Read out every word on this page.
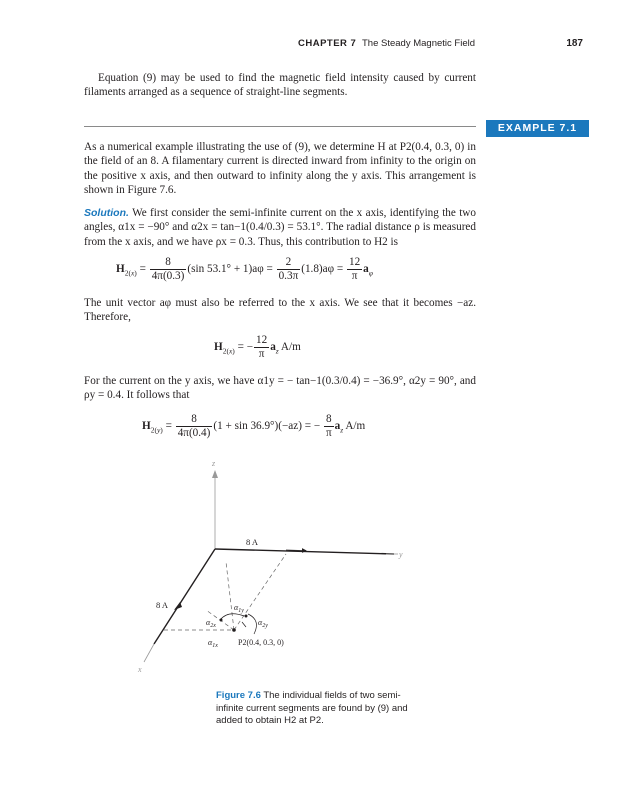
CHAPTER 7 The Steady Magnetic Field	187

Equation (9) may be used to find the magnetic field intensity caused by current filaments arranged as a sequence of straight-line segments.

EXAMPLE 7.1

As a numerical example illustrating the use of (9), we determine H at P2(0.4, 0.3, 0) in the field of an 8. A filamentary current is directed inward from infinity to the origin on the positive x axis, and then outward to infinity along the y axis. This arrangement is shown in Figure 7.6.

Solution. We first consider the semi-infinite current on the x axis, identifying the two angles, α1x = −90° and α2x = tan−1(0.4/0.3) = 53.1°. The radial distance ρ is measured from the x axis, and we have ρx = 0.3. Thus, this contribution to H2 is

$H_{2(x)} = \frac{8}{4\pi(0.3)} (\sin$ $53.1^\circ + 1)a\varphi = \frac{2}{0.3\pi} (1.8)a\varphi = \frac{12}{\pi} a_\varphi$

The unit vector aφ must also be referred to the x axis. We see that it becomes −az. Therefore,

$H_{2(x)}$ = − $\frac{12}{\pi} a_z$ A/m

For the current on the y axis, we have α1y = − tan−1(0.3/0.4) = −36.9°, α2y = 90°, and ρy = 0.4. It follows that

$H_{2(y)} = \frac{8}{4\pi(0.4)} (1 + \sin 36.9^\circ)(-az)$ = − $\frac{8}{\pi} a_z$ A/m
z
y
x
8 A
8 A	$\alpha_{1y}$
$\alpha_{2x}$	$\alpha_{2y}$
$\alpha_{1x}$	P2(0.4, 0.3, 0)
Figure 7.6 The individual fields of two semi-infinite current segments are found by (9) and added to obtain H2 at P2.
